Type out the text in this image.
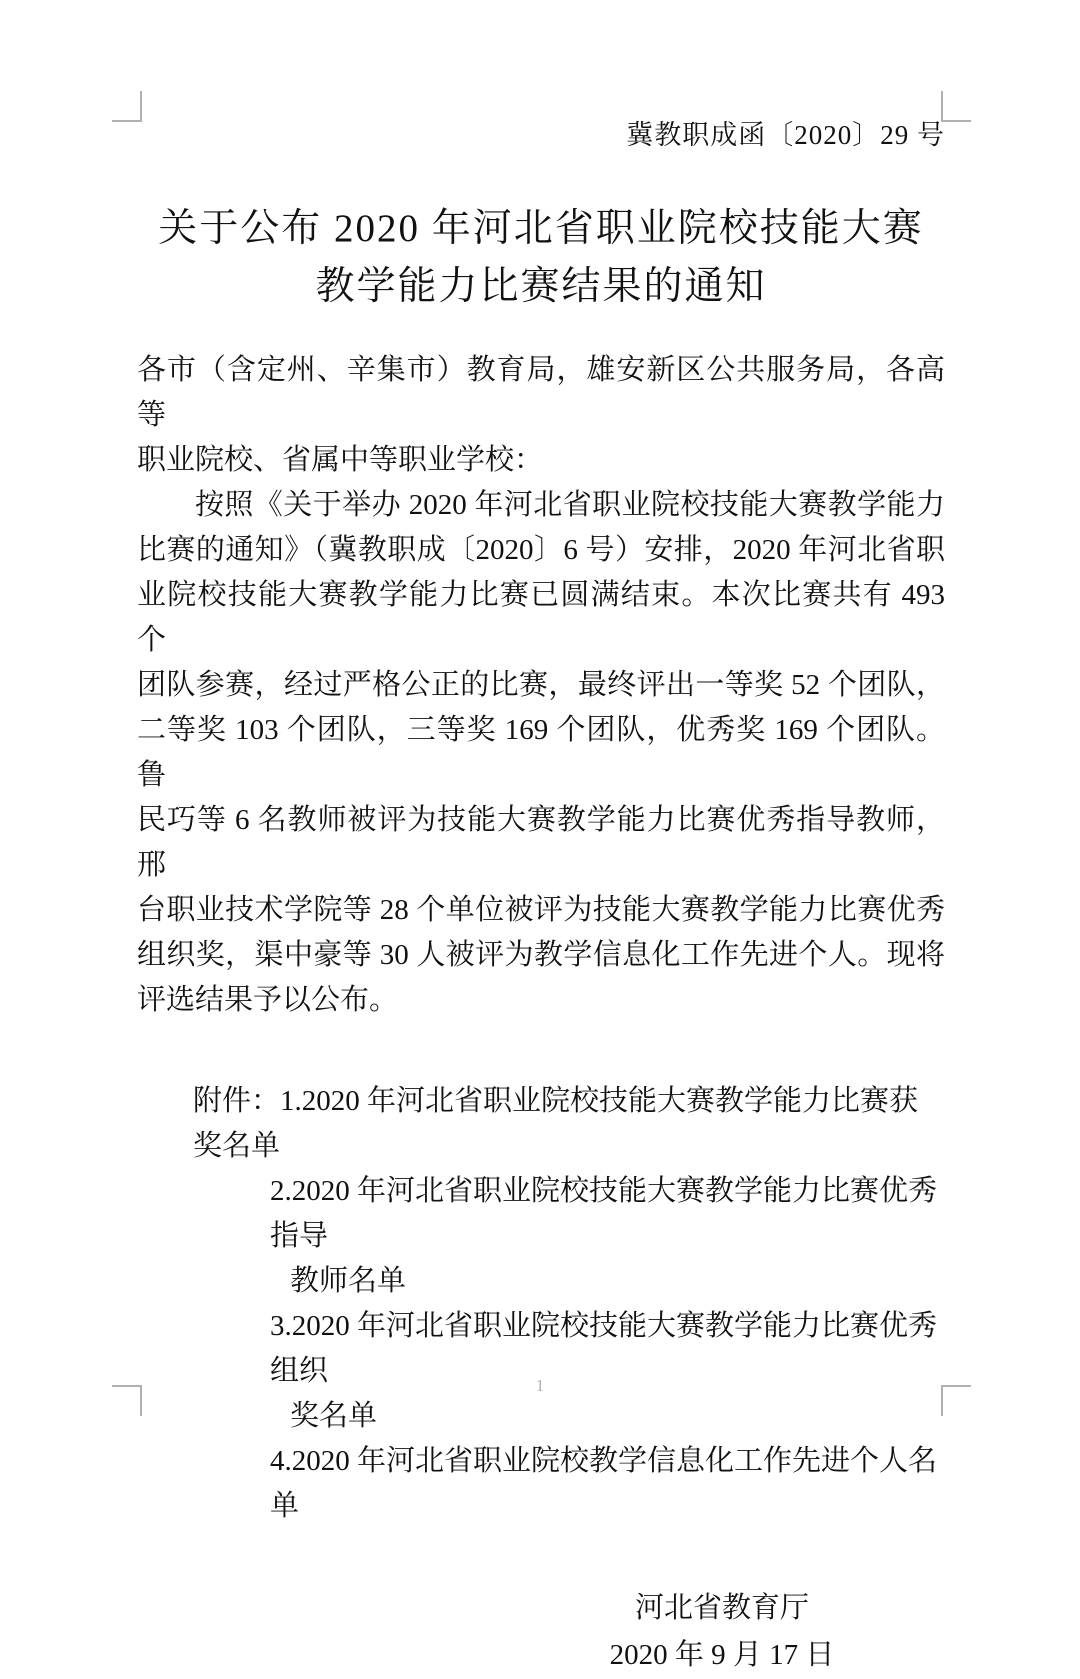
冀教职成函〔2020〕29 号
关于公布 2020 年河北省职业院校技能大赛
教学能力比赛结果的通知
各市（含定州、辛集市）教育局，雄安新区公共服务局，各高等
职业院校、省属中等职业学校：
按照《关于举办 2020 年河北省职业院校技能大赛教学能力
比赛的通知》（冀教职成〔2020〕6 号）安排，2020 年河北省职
业院校技能大赛教学能力比赛已圆满结束。本次比赛共有 493 个
团队参赛，经过严格公正的比赛，最终评出一等奖 52 个团队，
二等奖 103 个团队，三等奖 169 个团队，优秀奖 169 个团队。鲁
民巧等 6 名教师被评为技能大赛教学能力比赛优秀指导教师，邢
台职业技术学院等 28 个单位被评为技能大赛教学能力比赛优秀
组织奖，渠中豪等 30 人被评为教学信息化工作先进个人。现将
评选结果予以公布。
附件：1.2020 年河北省职业院校技能大赛教学能力比赛获奖名单
2.2020 年河北省职业院校技能大赛教学能力比赛优秀指导
教师名单
3.2020 年河北省职业院校技能大赛教学能力比赛优秀组织
奖名单
4.2020 年河北省职业院校教学信息化工作先进个人名单
河北省教育厅
2020 年 9 月 17 日
1
